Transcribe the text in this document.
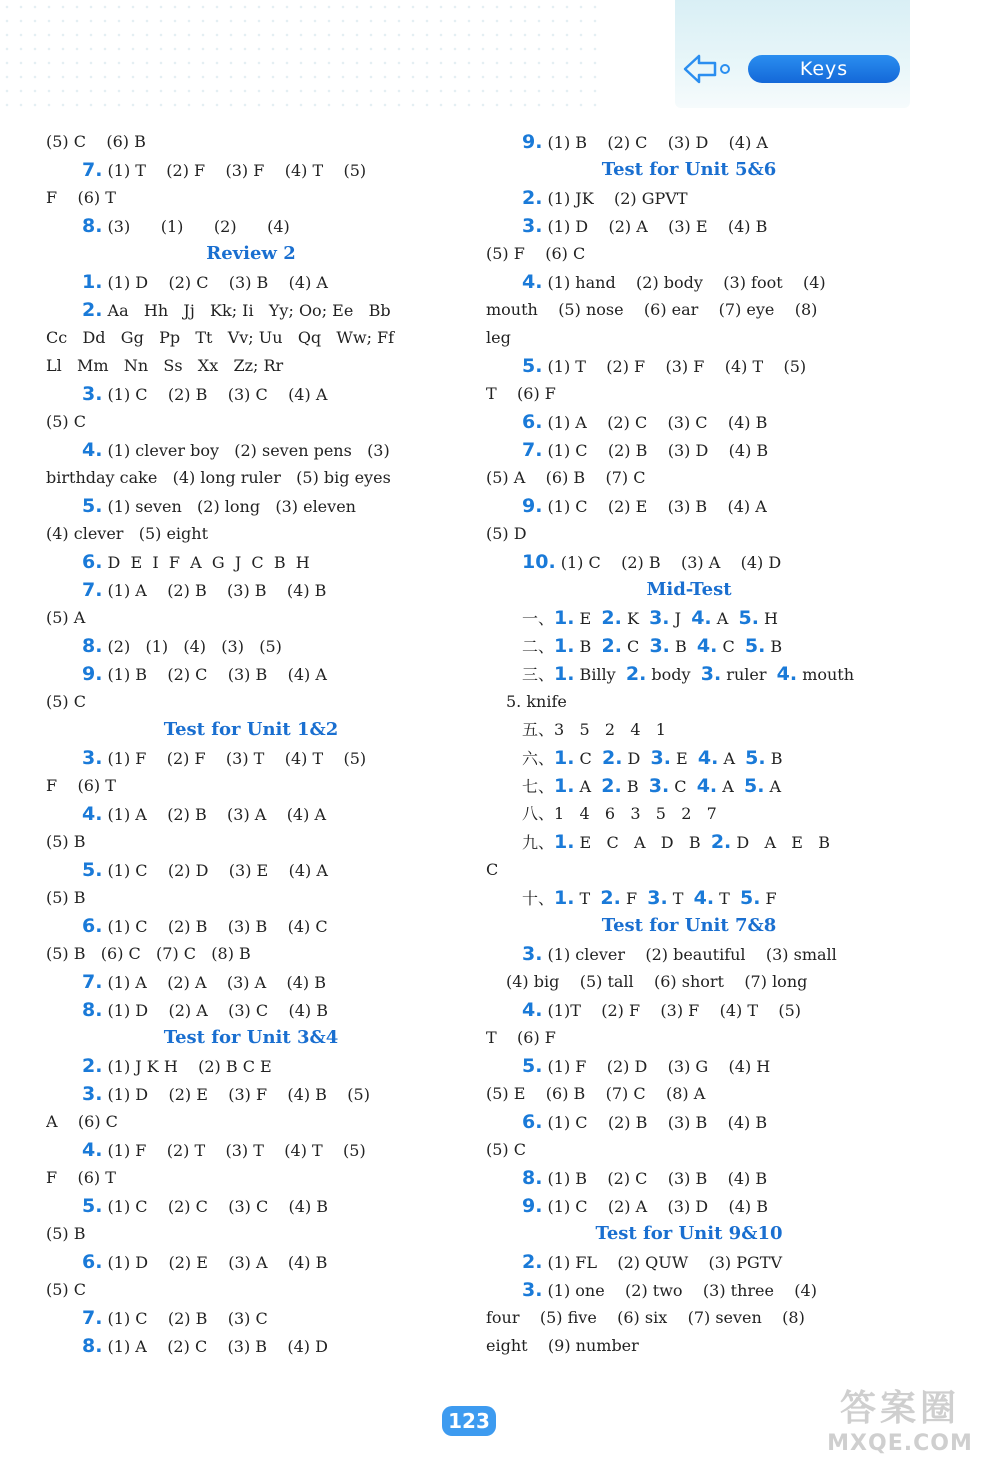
Keys
(5) C    (6) B
7. (1) T    (2) F    (3) F    (4) T    (5)
F    (6) T
8. (3)      (1)      (2)      (4)
Review 2
1. (1) D    (2) C    (3) B    (4) A
2. Aa   Hh   Jj   Kk; Ii   Yy; Oo; Ee   Bb
Cc   Dd   Gg   Pp   Tt   Vv; Uu   Qq   Ww; Ff
Ll   Mm   Nn   Ss   Xx   Zz; Rr
3. (1) C    (2) B    (3) C    (4) A
(5) C
4. (1) clever boy   (2) seven pens   (3)
birthday cake   (4) long ruler   (5) big eyes
5. (1) seven   (2) long   (3) eleven
(4) clever   (5) eight
6. D  E  I  F  A  G  J  C  B  H
7. (1) A    (2) B    (3) B    (4) B
(5) A
8. (2)   (1)   (4)   (3)   (5)
9. (1) B    (2) C    (3) B    (4) A
(5) C
Test for Unit 1&2
3. (1) F    (2) F    (3) T    (4) T    (5)
F    (6) T
4. (1) A    (2) B    (3) A    (4) A
(5) B
5. (1) C    (2) D    (3) E    (4) A
(5) B
6. (1) C    (2) B    (3) B    (4) C
(5) B   (6) C   (7) C   (8) B
7. (1) A    (2) A    (3) A    (4) B
8. (1) D    (2) A    (3) C    (4) B
Test for Unit 3&4
2. (1) J K H    (2) B C E
3. (1) D    (2) E    (3) F    (4) B    (5)
A    (6) C
4. (1) F    (2) T    (3) T    (4) T    (5)
F    (6) T
5. (1) C    (2) C    (3) C    (4) B
(5) B
6. (1) D    (2) E    (3) A    (4) B
(5) C
7. (1) C    (2) B    (3) C
8. (1) A    (2) C    (3) B    (4) D
9. (1) B    (2) C    (3) D    (4) A
Test for Unit 5&6
2. (1) JK    (2) GPVT
3. (1) D    (2) A    (3) E    (4) B
(5) F    (6) C
4. (1) hand    (2) body    (3) foot    (4)
mouth    (5) nose    (6) ear    (7) eye    (8)
leg
5. (1) T    (2) F    (3) F    (4) T    (5)
T    (6) F
6. (1) A    (2) C    (3) C    (4) B
7. (1) C    (2) B    (3) D    (4) B
(5) A    (6) B    (7) C
9. (1) C    (2) E    (3) B    (4) A
(5) D
10. (1) C    (2) B    (3) A    (4) D
Mid-Test
一、1. E  2. K  3. J  4. A  5. H
二、1. B  2. C  3. B  4. C  5. B
三、1. Billy  2. body  3. ruler  4. mouth
5. knife
五、3   5   2   4   1
六、1. C  2. D  3. E  4. A  5. B
七、1. A  2. B  3. C  4. A  5. A
八、1   4   6   3   5   2   7
九、1. E   C   A   D   B  2. D   A   E   B
C
十、1. T  2. F  3. T  4. T  5. F
Test for Unit 7&8
3. (1) clever    (2) beautiful    (3) small
(4) big    (5) tall    (6) short    (7) long
4. (1)T    (2) F    (3) F    (4) T    (5)
T    (6) F
5. (1) F    (2) D    (3) G    (4) H
(5) E    (6) B    (7) C    (8) A
6. (1) C    (2) B    (3) B    (4) B
(5) C
8. (1) B    (2) C    (3) B    (4) B
9. (1) C    (2) A    (3) D    (4) B
Test for Unit 9&10
2. (1) FL    (2) QUW    (3) PGTV
3. (1) one    (2) two    (3) three    (4)
four    (5) five    (6) six    (7) seven    (8)
eight    (9) number
123	答案圈
MXQE.COM
